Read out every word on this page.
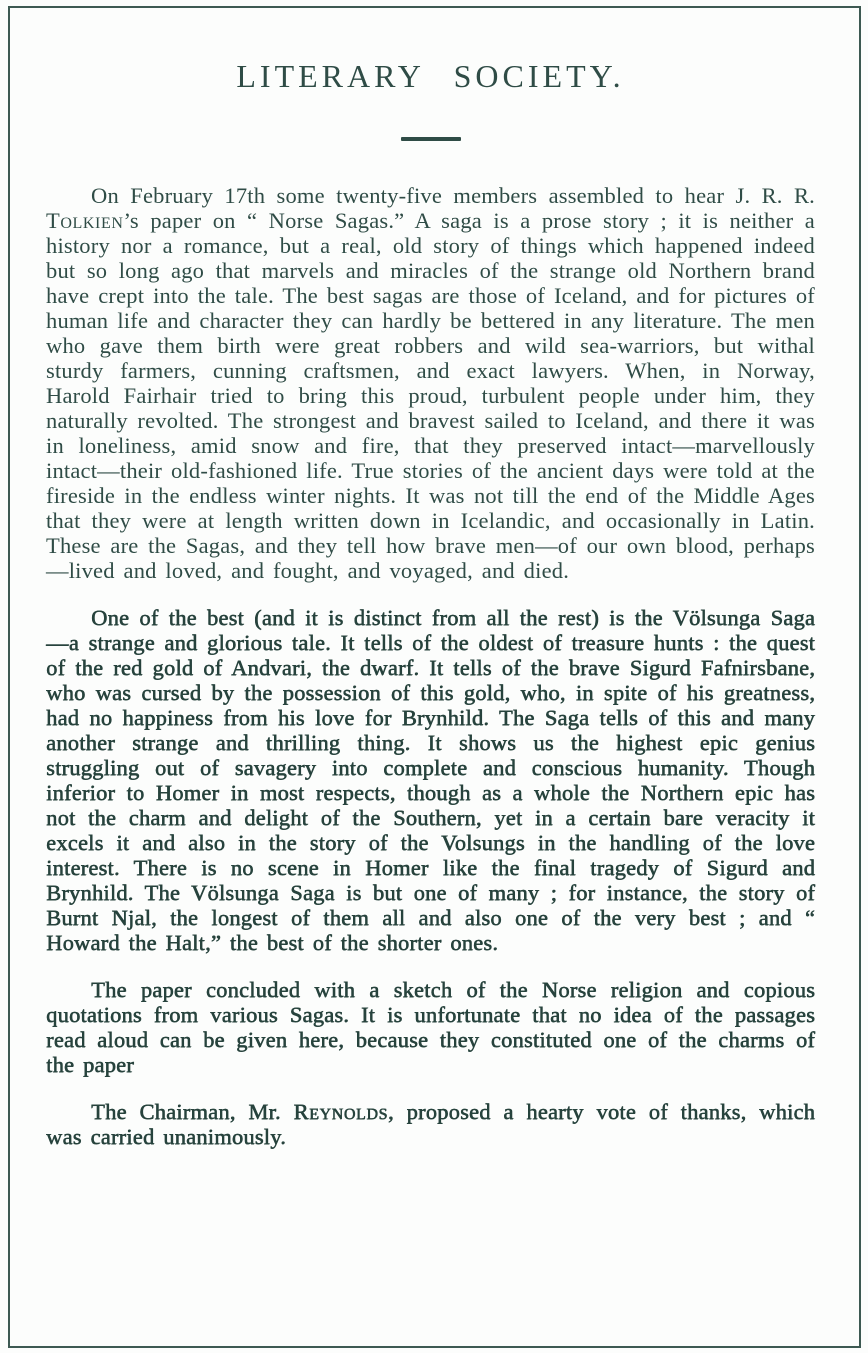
LITERARY SOCIETY.

On February 17th some twenty-five members assembled to hear J. R. R. Tolkien’s paper on “ Norse Sagas.” A saga is a prose story ; it is neither a history nor a romance, but a real, old story of things which happened indeed but so long ago that marvels and miracles of the strange old Northern brand have crept into the tale. The best sagas are those of Iceland, and for pictures of human life and character they can hardly be bettered in any literature. The men who gave them birth were great robbers and wild sea-warriors, but withal sturdy farmers, cunning craftsmen, and exact lawyers. When, in Norway, Harold Fairhair tried to bring this proud, turbulent people under him, they naturally revolted. The strongest and bravest sailed to Iceland, and there it was in loneliness, amid snow and fire, that they preserved intact—marvellously intact—their old-fashioned life. True stories of the ancient days were told at the fireside in the endless winter nights. It was not till the end of the Middle Ages that they were at length written down in Icelandic, and occasionally in Latin. These are the Sagas, and they tell how brave men—of our own blood, perhaps—lived and loved, and fought, and voyaged, and died.

One of the best (and it is distinct from all the rest) is the Völsunga Saga—a strange and glorious tale. It tells of the oldest of treasure hunts : the quest of the red gold of Andvari, the dwarf. It tells of the brave Sigurd Fafnirsbane, who was cursed by the possession of this gold, who, in spite of his greatness, had no happiness from his love for Brynhild. The Saga tells of this and many another strange and thrilling thing. It shows us the highest epic genius struggling out of savagery into complete and conscious humanity. Though inferior to Homer in most respects, though as a whole the Northern epic has not the charm and delight of the Southern, yet in a certain bare veracity it excels it and also in the story of the Volsungs in the handling of the love interest. There is no scene in Homer like the final tragedy of Sigurd and Brynhild. The Völsunga Saga is but one of many ; for instance, the story of Burnt Njal, the longest of them all and also one of the very best ; and “ Howard the Halt,” the best of the shorter ones.

The paper concluded with a sketch of the Norse religion and copious quotations from various Sagas. It is unfortunate that no idea of the passages read aloud can be given here, because they constituted one of the charms of the paper

The Chairman, Mr. Reynolds, proposed a hearty vote of thanks, which was carried unanimously.
